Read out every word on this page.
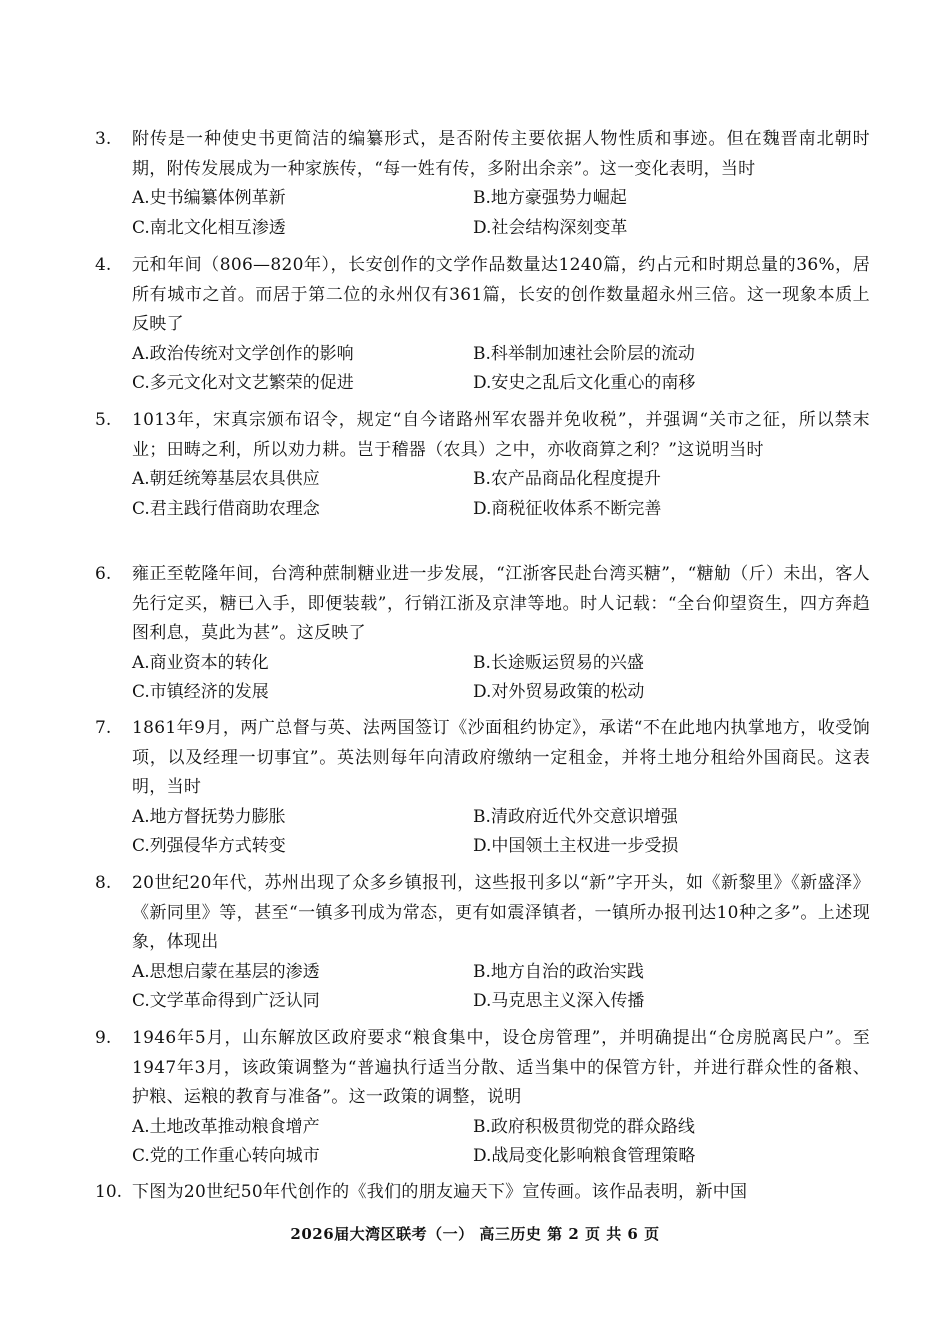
3.	附传是一种使史书更简洁的编纂形式，是否附传主要依据人物性质和事迹。但在魏晋南北朝时期，附传发展成为一种家族传，“每一姓有传，多附出余亲”。这一变化表明，当时
A.史书编纂体例革新	B.地方豪强势力崛起
C.南北文化相互渗透	D.社会结构深刻变革
4.	元和年间（806—820年），长安创作的文学作品数量达1240篇，约占元和时期总量的36%，居所有城市之首。而居于第二位的永州仅有361篇，长安的创作数量超永州三倍。这一现象本质上反映了
A.政治传统对文学创作的影响	B.科举制加速社会阶层的流动
C.多元文化对文艺繁荣的促进	D.安史之乱后文化重心的南移
5.	1013年，宋真宗颁布诏令，规定“自今诸路州军农器并免收税”，并强调“关市之征，所以禁末业；田畴之利，所以劝力耕。岂于稽器（农具）之中，亦收商算之利？”这说明当时
A.朝廷统筹基层农具供应	B.农产品商品化程度提升
C.君主践行借商助农理念	D.商税征收体系不断完善
6.	雍正至乾隆年间，台湾种蔗制糖业进一步发展，“江浙客民赴台湾买糖”，“糖觔（斤）未出，客人先行定买，糖已入手，即便装载”，行销江浙及京津等地。时人记载：“全台仰望资生，四方奔趋图利息，莫此为甚”。这反映了
A.商业资本的转化	B.长途贩运贸易的兴盛
C.市镇经济的发展	D.对外贸易政策的松动
7.	1861年9月，两广总督与英、法两国签订《沙面租约协定》，承诺“不在此地内执掌地方，收受饷项，以及经理一切事宜”。英法则每年向清政府缴纳一定租金，并将土地分租给外国商民。这表明，当时
A.地方督抚势力膨胀	B.清政府近代外交意识增强
C.列强侵华方式转变	D.中国领土主权进一步受损
8.	20世纪20年代，苏州出现了众多乡镇报刊，这些报刊多以“新”字开头，如《新黎里》《新盛泽》《新同里》等，甚至“一镇多刊成为常态，更有如震泽镇者，一镇所办报刊达10种之多”。上述现象，体现出
A.思想启蒙在基层的渗透	B.地方自治的政治实践
C.文学革命得到广泛认同	D.马克思主义深入传播
9.	1946年5月，山东解放区政府要求“粮食集中，设仓房管理”，并明确提出“仓房脱离民户”。至1947年3月，该政策调整为“普遍执行适当分散、适当集中的保管方针，并进行群众性的备粮、护粮、运粮的教育与准备”。这一政策的调整，说明
A.土地改革推动粮食增产	B.政府积极贯彻党的群众路线
C.党的工作重心转向城市	D.战局变化影响粮食管理策略
10. 下图为20世纪50年代创作的《我们的朋友遍天下》宣传画。该作品表明，新中国
2026届大湾区联考（一） 高三历史 第 2 页 共 6 页
